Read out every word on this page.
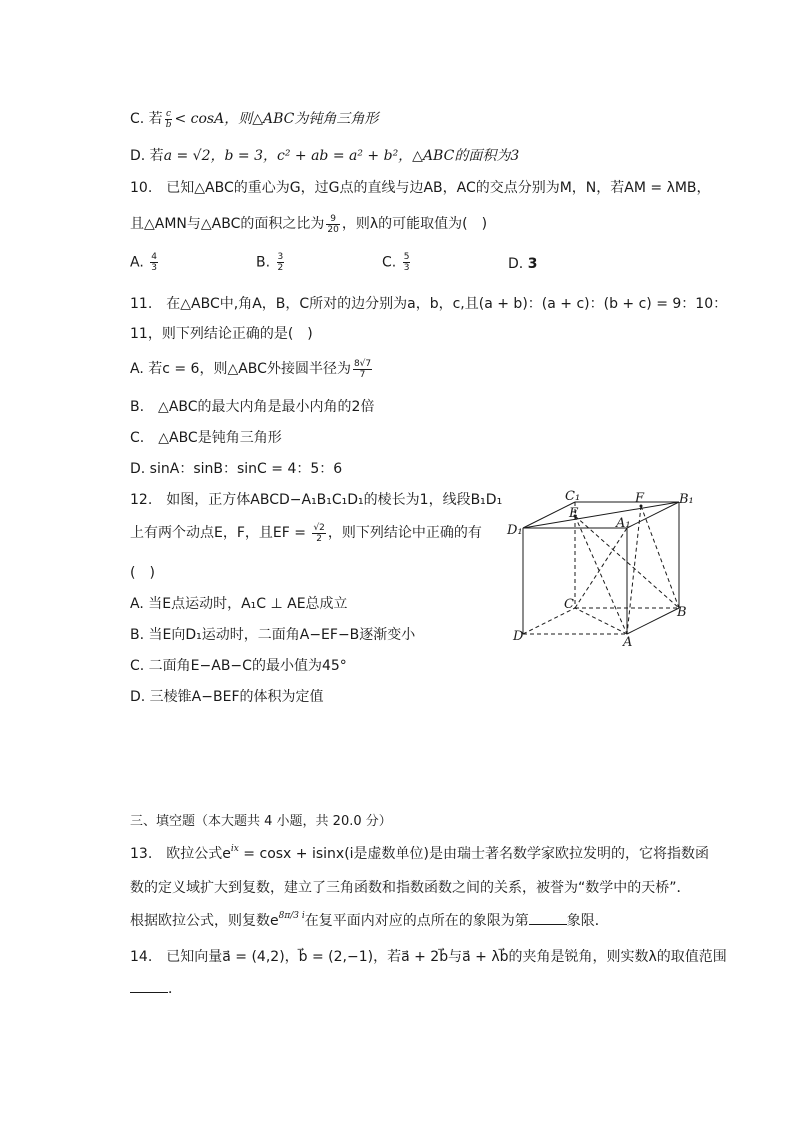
C. 若 $\frac{c}{b} < \cos A$，则△ABC为钝角三角形
D. 若a = √2，b = 3，c² + ab = a² + b²，△ABC的面积为3
10.　已知△ABC的重心为G，过G点的直线与边AB，AC的交点分别为M，N，若AM = λMB，
且△AMN与△ABC的面积之比为 $\frac{9}{20}$ ，则λ的可能取值为(　)
A. $\frac{4}{3}$	B. $\frac{3}{2}$	C. $\frac{5}{3}$	D. 3
11.　在△ABC中,角A，B，C所对的边分别为a，b，c,且(a + b)：(a + c)：(b + c) = 9：10：
11，则下列结论正确的是(　)
A. 若c = 6，则△ABC外接圆半径为 $\frac{8√7}{7}$
B.　△ABC的最大内角是最小内角的2倍
C.　△ABC是钝角三角形
D. sinA：sinB：sinC = 4：5：6
12.　如图，正方体ABCD−A₁B₁C₁D₁的棱长为1，线段B₁D₁
上有两个动点E，F，且EF = $\frac{√2}{2}$ ，则下列结论中正确的有
(　)
A. 当E点运动时，A₁C ⊥ AE总成立
B. 当E向D₁运动时，二面角A−EF−B逐渐变小
C. 二面角E−AB−C的最小值为45°
D. 三棱锥A−BEF的体积为定值
C₁
E
F	B₁
D₁	A₁
C
B
D	A
三、填空题（本大题共 4 小题，共 20.0 分）
13.　欧拉公式$e^{ix} = \cos x + isinx(i$是虚数单位)是由瑞士著名数学家欧拉发明的，它将指数函
数的定义域扩大到复数，建立了三角函数和指数函数之间的关系，被誉为“数学中的天桥”．
根据欧拉公式，则复数$e^{8\pi/3 i}$在复平面内对应的点所在的象限为第	象限．
14.　已知向量a⃗ = (4,2)，b⃗ = (2,−1)，若a⃗ + 2b⃗与a⃗ + λb⃗的夹角是锐角，则实数λ的取值范围
．
